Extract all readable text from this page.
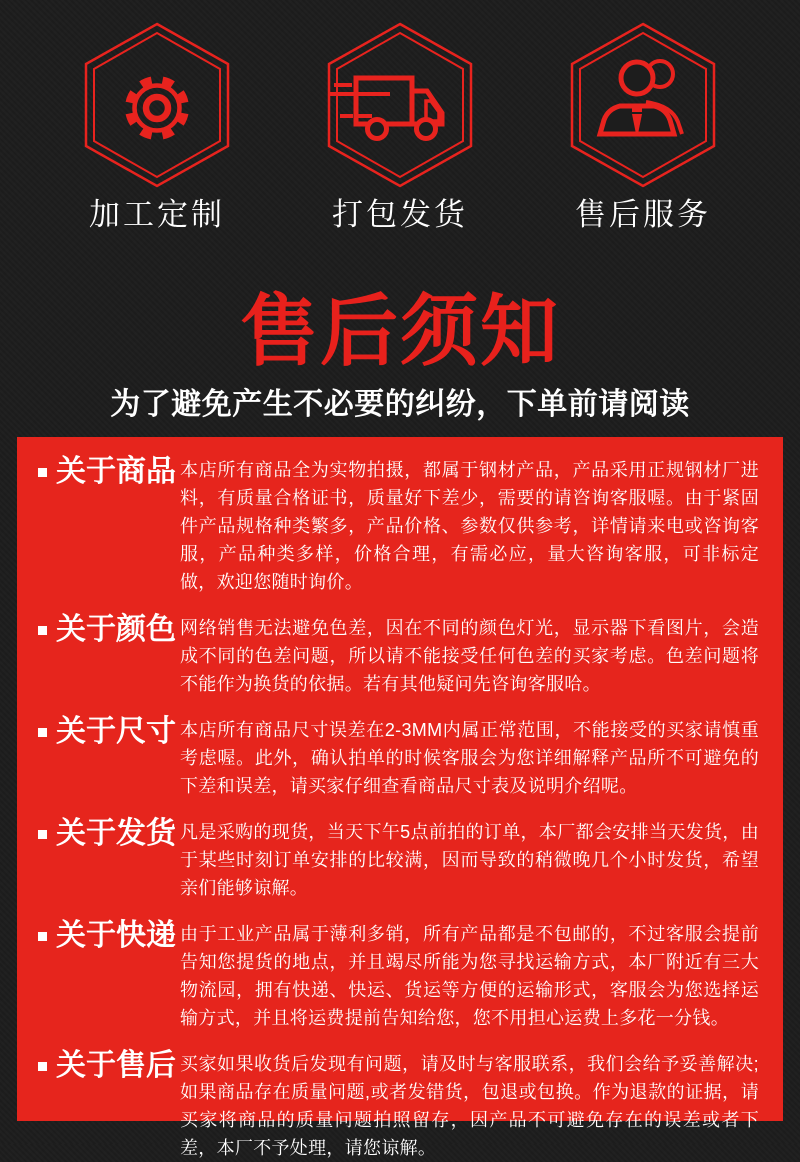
加工定制	打包发货	售后服务
售后须知
为了避免产生不必要的纠纷，下单前请阅读
关于商品 本店所有商品全为实物拍摄，都属于钢材产品，产品采用正规钢材厂进料，有质量合格证书，质量好下差少，需要的请咨询客服喔。由于紧固件产品规格种类繁多，产品价格、参数仅供参考，详情请来电或咨询客服，产品种类多样，价格合理，有需必应，量大咨询客服，可非标定做，欢迎您随时询价。

关于颜色 网络销售无法避免色差，因在不同的颜色灯光，显示器下看图片，会造成不同的色差问题，所以请不能接受任何色差的买家考虑。色差问题将不能作为换货的依据。若有其他疑问先咨询客服哈。

关于尺寸 本店所有商品尺寸误差在2-3MM内属正常范围，不能接受的买家请慎重考虑喔。此外，确认拍单的时候客服会为您详细解释产品所不可避免的下差和误差，请买家仔细查看商品尺寸表及说明介绍呢。

关于发货 凡是采购的现货，当天下午5点前拍的订单，本厂都会安排当天发货，由于某些时刻订单安排的比较满，因而导致的稍微晚几个小时发货，希望亲们能够谅解。

关于快递 由于工业产品属于薄利多销，所有产品都是不包邮的，不过客服会提前告知您提货的地点，并且竭尽所能为您寻找运输方式，本厂附近有三大物流园，拥有快递、快运、货运等方便的运输形式，客服会为您选择运输方式，并且将运费提前告知给您，您不用担心运费上多花一分钱。

关于售后 买家如果收货后发现有问题，请及时与客服联系，我们会给予妥善解决;如果商品存在质量问题,或者发错货，包退或包换。作为退款的证据，请买家将商品的质量问题拍照留存，因产品不可避免存在的误差或者下差，本厂不予处理，请您谅解。
